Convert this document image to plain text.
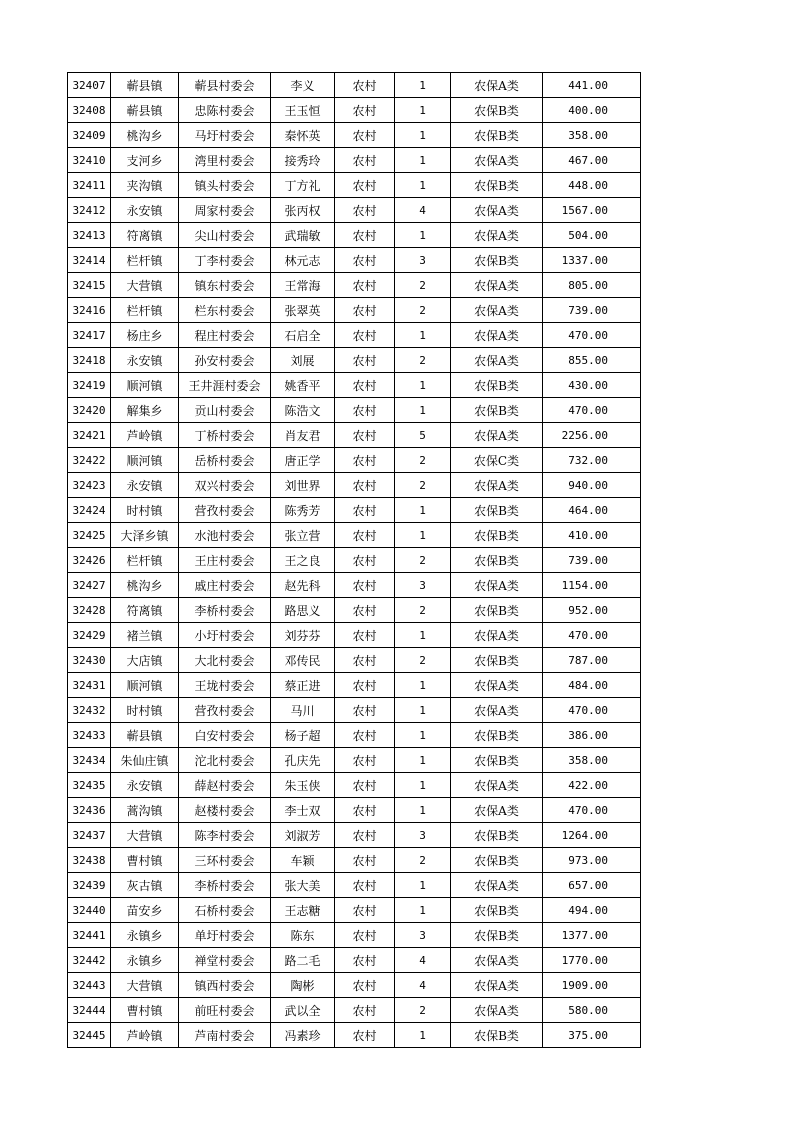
32407	蕲县镇	蕲县村委会	李义	农村	1	农保A类	441.00
32408	蕲县镇	忠陈村委会	王玉恒	农村	1	农保B类	400.00
32409	桃沟乡	马圩村委会	秦怀英	农村	1	农保B类	358.00
32410	支河乡	湾里村委会	接秀玲	农村	1	农保A类	467.00
32411	夹沟镇	镇头村委会	丁方礼	农村	1	农保B类	448.00
32412	永安镇	周家村委会	张丙权	农村	4	农保A类	1567.00
32413	符离镇	尖山村委会	武瑞敏	农村	1	农保A类	504.00
32414	栏杆镇	丁李村委会	林元志	农村	3	农保B类	1337.00
32415	大营镇	镇东村委会	王常海	农村	2	农保A类	805.00
32416	栏杆镇	栏东村委会	张翠英	农村	2	农保A类	739.00
32417	杨庄乡	程庄村委会	石启全	农村	1	农保A类	470.00
32418	永安镇	孙安村委会	刘展	农村	2	农保A类	855.00
32419	顺河镇	王井涯村委会	姚香平	农村	1	农保B类	430.00
32420	解集乡	贡山村委会	陈浩文	农村	1	农保B类	470.00
32421	芦岭镇	丁桥村委会	肖友君	农村	5	农保A类	2256.00
32422	顺河镇	岳桥村委会	唐正学	农村	2	农保C类	732.00
32423	永安镇	双兴村委会	刘世界	农村	2	农保A类	940.00
32424	时村镇	营孜村委会	陈秀芳	农村	1	农保B类	464.00
32425	大泽乡镇	水池村委会	张立营	农村	1	农保B类	410.00
32426	栏杆镇	王庄村委会	王之良	农村	2	农保B类	739.00
32427	桃沟乡	戚庄村委会	赵先科	农村	3	农保A类	1154.00
32428	符离镇	李桥村委会	路思义	农村	2	农保B类	952.00
32429	褚兰镇	小圩村委会	刘芬芬	农村	1	农保A类	470.00
32430	大店镇	大北村委会	邓传民	农村	2	农保B类	787.00
32431	顺河镇	王垅村委会	蔡正进	农村	1	农保A类	484.00
32432	时村镇	营孜村委会	马川	农村	1	农保A类	470.00
32433	蕲县镇	白安村委会	杨子超	农村	1	农保B类	386.00
32434	朱仙庄镇	沱北村委会	孔庆先	农村	1	农保B类	358.00
32435	永安镇	薛赵村委会	朱玉侠	农村	1	农保A类	422.00
32436	蒿沟镇	赵楼村委会	李士双	农村	1	农保A类	470.00
32437	大营镇	陈李村委会	刘淑芳	农村	3	农保B类	1264.00
32438	曹村镇	三环村委会	车颖	农村	2	农保B类	973.00
32439	灰古镇	李桥村委会	张大美	农村	1	农保A类	657.00
32440	苗安乡	石桥村委会	王志糖	农村	1	农保B类	494.00
32441	永镇乡	单圩村委会	陈东	农村	3	农保B类	1377.00
32442	永镇乡	禅堂村委会	路二毛	农村	4	农保A类	1770.00
32443	大营镇	镇西村委会	陶彬	农村	4	农保A类	1909.00
32444	曹村镇	前旺村委会	武以全	农村	2	农保A类	580.00
32445	芦岭镇	芦南村委会	冯素珍	农村	1	农保B类	375.00
